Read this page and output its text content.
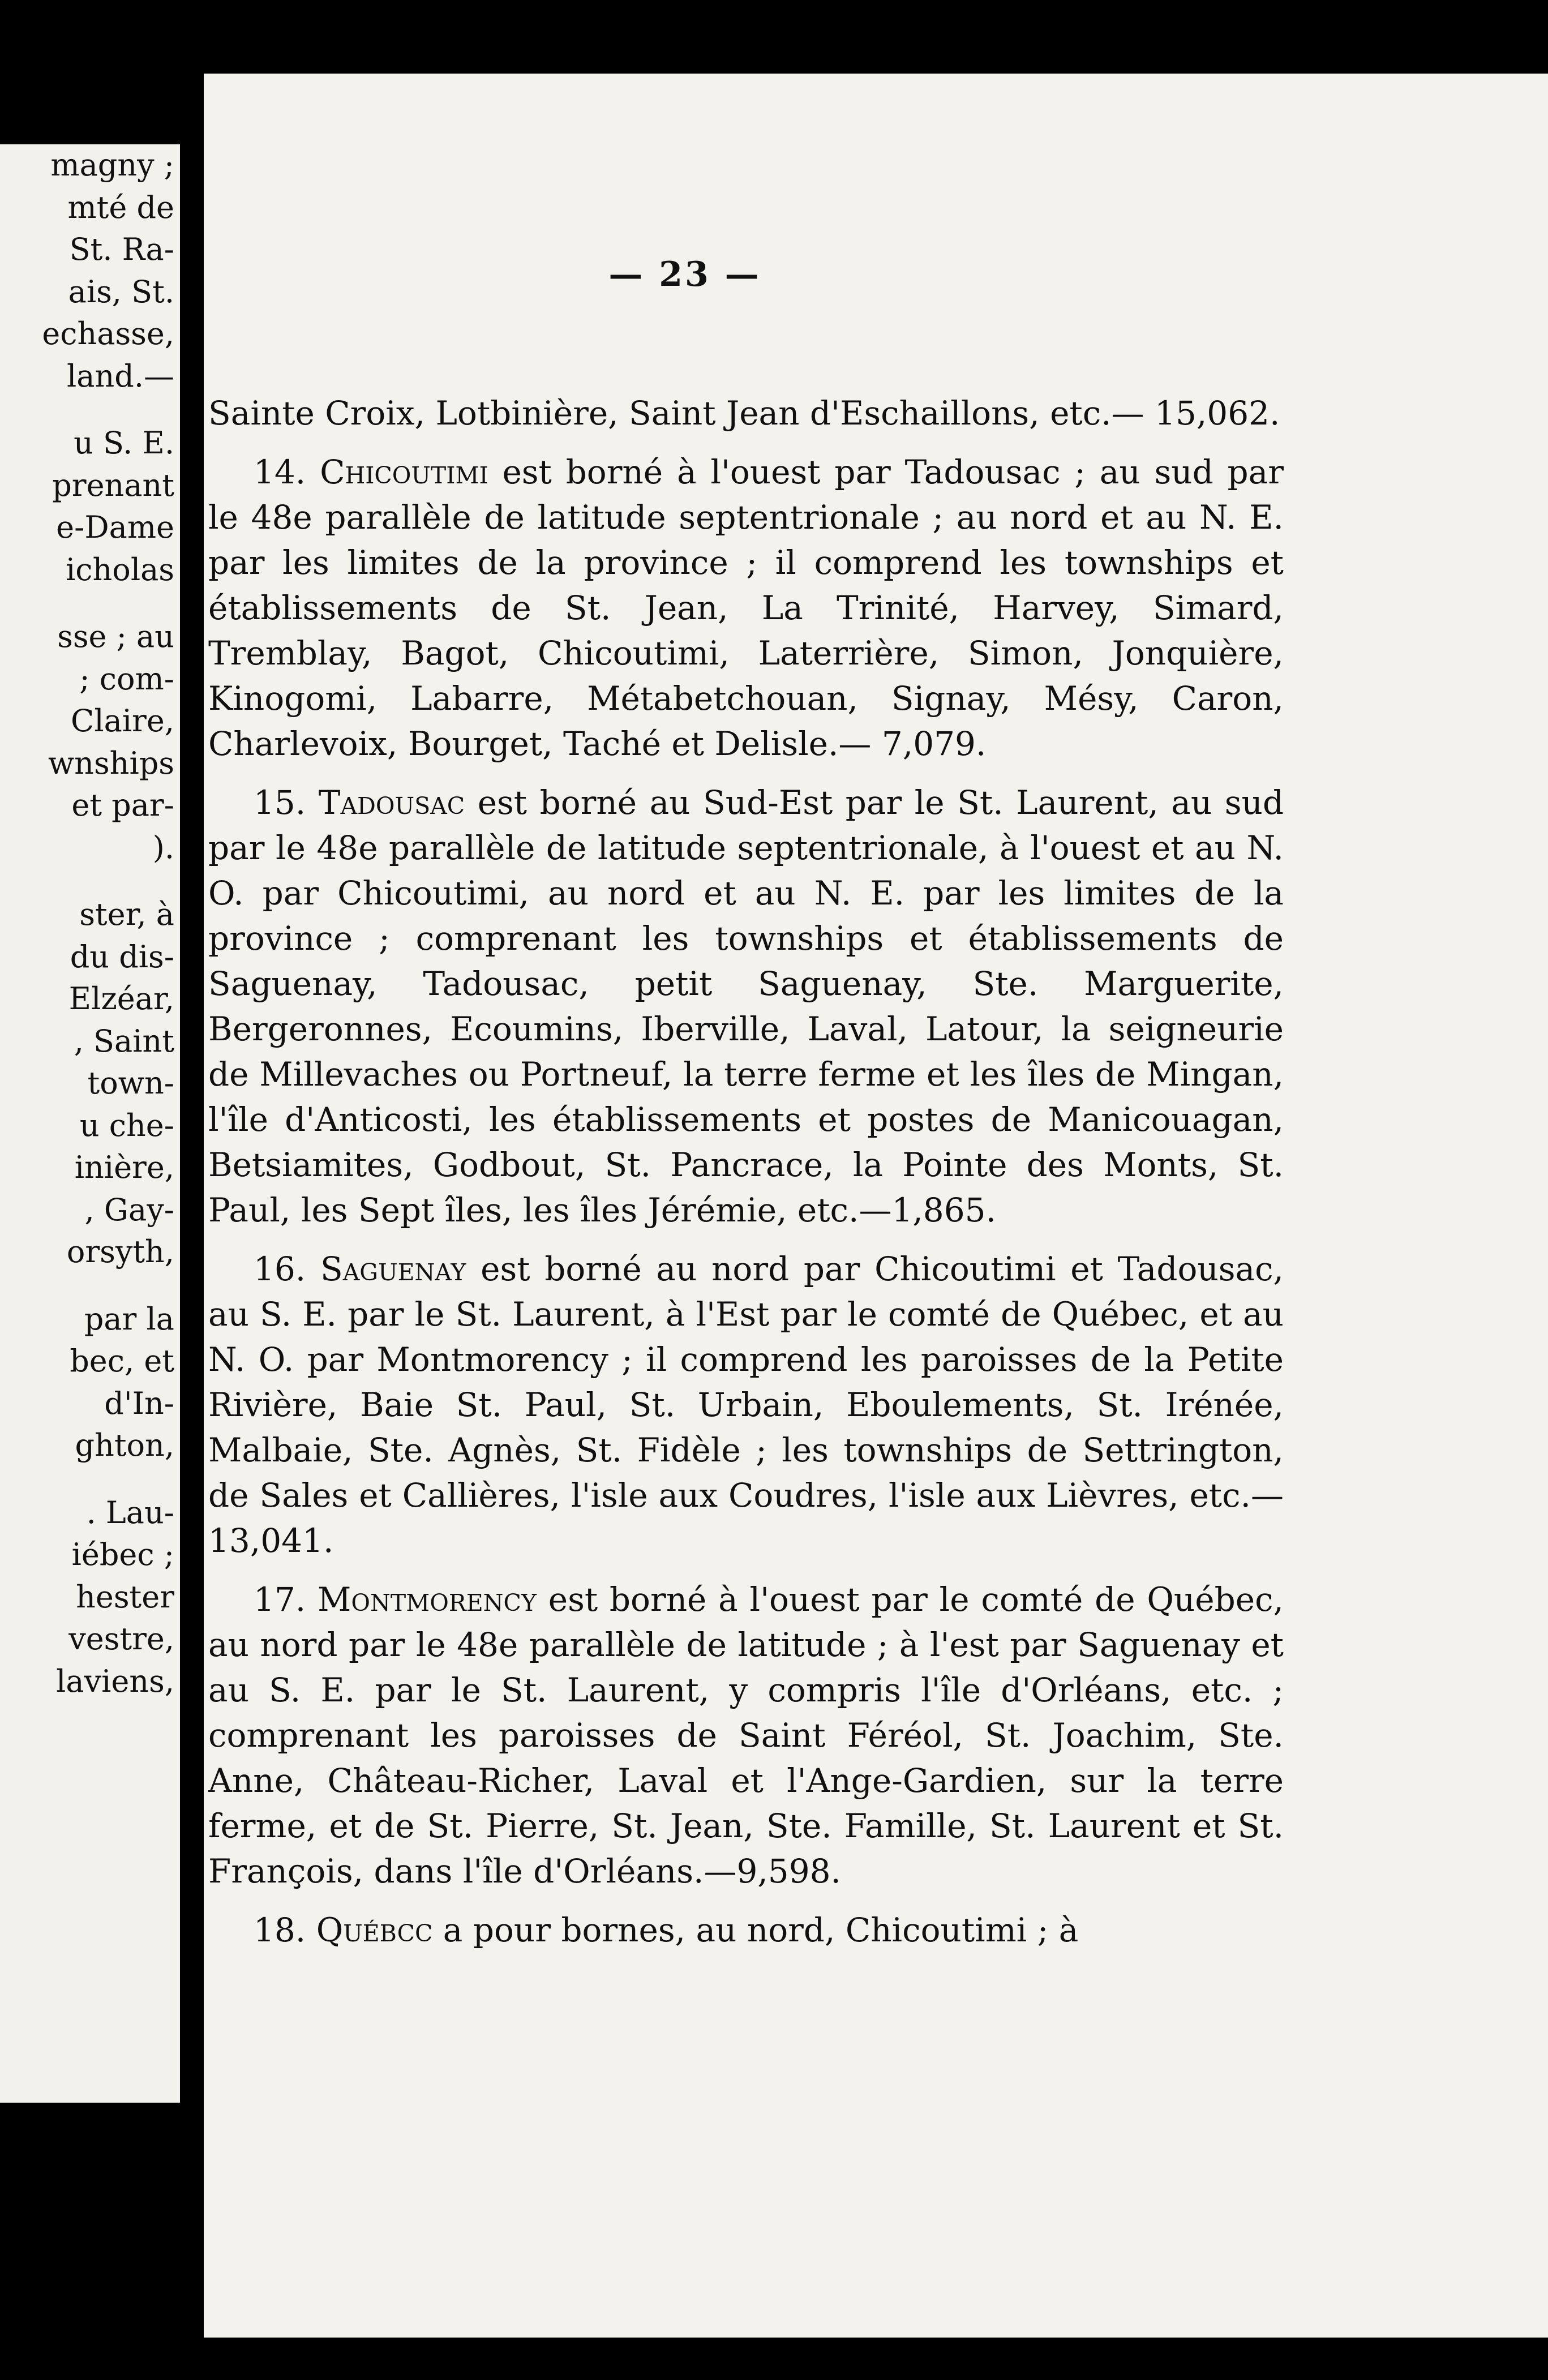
magny ;
mté de
St. Ra-
ais, St.
echasse,
land.—
u S. E.
prenant
e-Dame
icholas
sse ; au
; com-
Claire,
wnships
et par-
).
ster, à
du dis-
Elzéar,
, Saint
town-
u che-
inière,
, Gay-
orsyth,
par la
bec, et
d'In-
ghton,
. Lau-
iébec ;
hester
vestre,
laviens,
— 23 —

Sainte Croix, Lotbinière, Saint Jean d'Eschaillons, etc.— 15,062.

14. Chicoutimi est borné à l'ouest par Tadousac ; au sud par le 48e parallèle de latitude septentrionale ; au nord et au N. E. par les limites de la province ; il comprend les townships et établissements de St. Jean, La Trinité, Harvey, Simard, Tremblay, Bagot, Chicoutimi, Laterrière, Simon, Jonquière, Kinogomi, Labarre, Métabetchouan, Signay, Mésy, Caron, Charlevoix, Bourget, Taché et Delisle.— 7,079.

15. Tadousac est borné au Sud-Est par le St. Laurent, au sud par le 48e parallèle de latitude septentrionale, à l'ouest et au N. O. par Chicoutimi, au nord et au N. E. par les limites de la province ; comprenant les townships et établissements de Saguenay, Tadousac, petit Saguenay, Ste. Marguerite, Bergeronnes, Ecoumins, Iberville, Laval, Latour, la seigneurie de Millevaches ou Portneuf, la terre ferme et les îles de Mingan, l'île d'Anticosti, les établissements et postes de Manicouagan, Betsiamites, Godbout, St. Pancrace, la Pointe des Monts, St. Paul, les Sept îles, les îles Jérémie, etc.—1,865.

16. Saguenay est borné au nord par Chicoutimi et Tadousac, au S. E. par le St. Laurent, à l'Est par le comté de Québec, et au N. O. par Montmorency ; il comprend les paroisses de la Petite Rivière, Baie St. Paul, St. Urbain, Eboulements, St. Irénée, Malbaie, Ste. Agnès, St. Fidèle ; les townships de Settrington, de Sales et Callières, l'isle aux Coudres, l'isle aux Lièvres, etc.—13,041.

17. Montmorency est borné à l'ouest par le comté de Québec, au nord par le 48e parallèle de latitude ; à l'est par Saguenay et au S. E. par le St. Laurent, y compris l'île d'Orléans, etc. ; comprenant les paroisses de Saint Féréol, St. Joachim, Ste. Anne, Château-Richer, Laval et l'Ange-Gardien, sur la terre ferme, et de St. Pierre, St. Jean, Ste. Famille, St. Laurent et St. François, dans l'île d'Orléans.—9,598.

18. Québcc a pour bornes, au nord, Chicoutimi ; à
